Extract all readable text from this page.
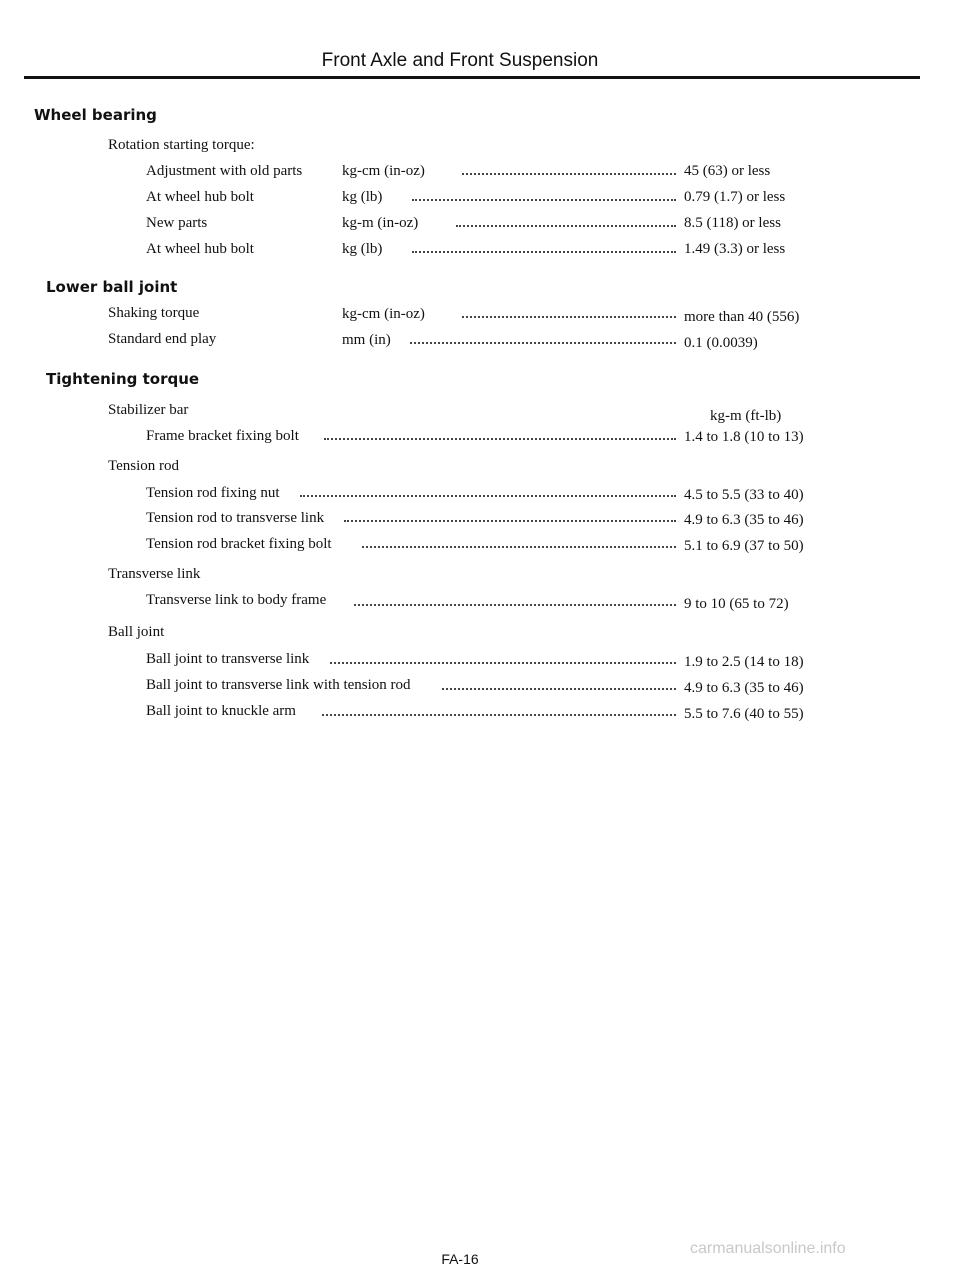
Front Axle and Front Suspension
Wheel bearing
Rotation starting torque:
Adjustment with old parts	kg-cm (in-oz)	45 (63) or less
At wheel hub bolt	kg (lb)	0.79 (1.7) or less
New parts	kg-m (in-oz)	8.5 (118) or less
At wheel hub bolt	kg (lb)	1.49 (3.3) or less
Lower ball joint
Shaking torque	kg-cm (in-oz)	more than 40 (556)
Standard end play	mm (in)	0.1 (0.0039)
Tightening torque
Stabilizer bar	kg-m (ft-lb)
Frame bracket fixing bolt	1.4 to 1.8 (10 to 13)
Tension rod
Tension rod fixing nut	4.5 to 5.5 (33 to 40)
Tension rod to transverse link	4.9 to 6.3 (35 to 46)
Tension rod bracket fixing bolt	5.1 to 6.9 (37 to 50)
Transverse link
Transverse link to body frame	9 to 10 (65 to 72)
Ball joint
Ball joint to transverse link	1.9 to 2.5 (14 to 18)
Ball joint to transverse link with tension rod	4.9 to 6.3 (35 to 46)
Ball joint to knuckle arm	5.5 to 7.6 (40 to 55)
FA-16
carmanualsonline.info
